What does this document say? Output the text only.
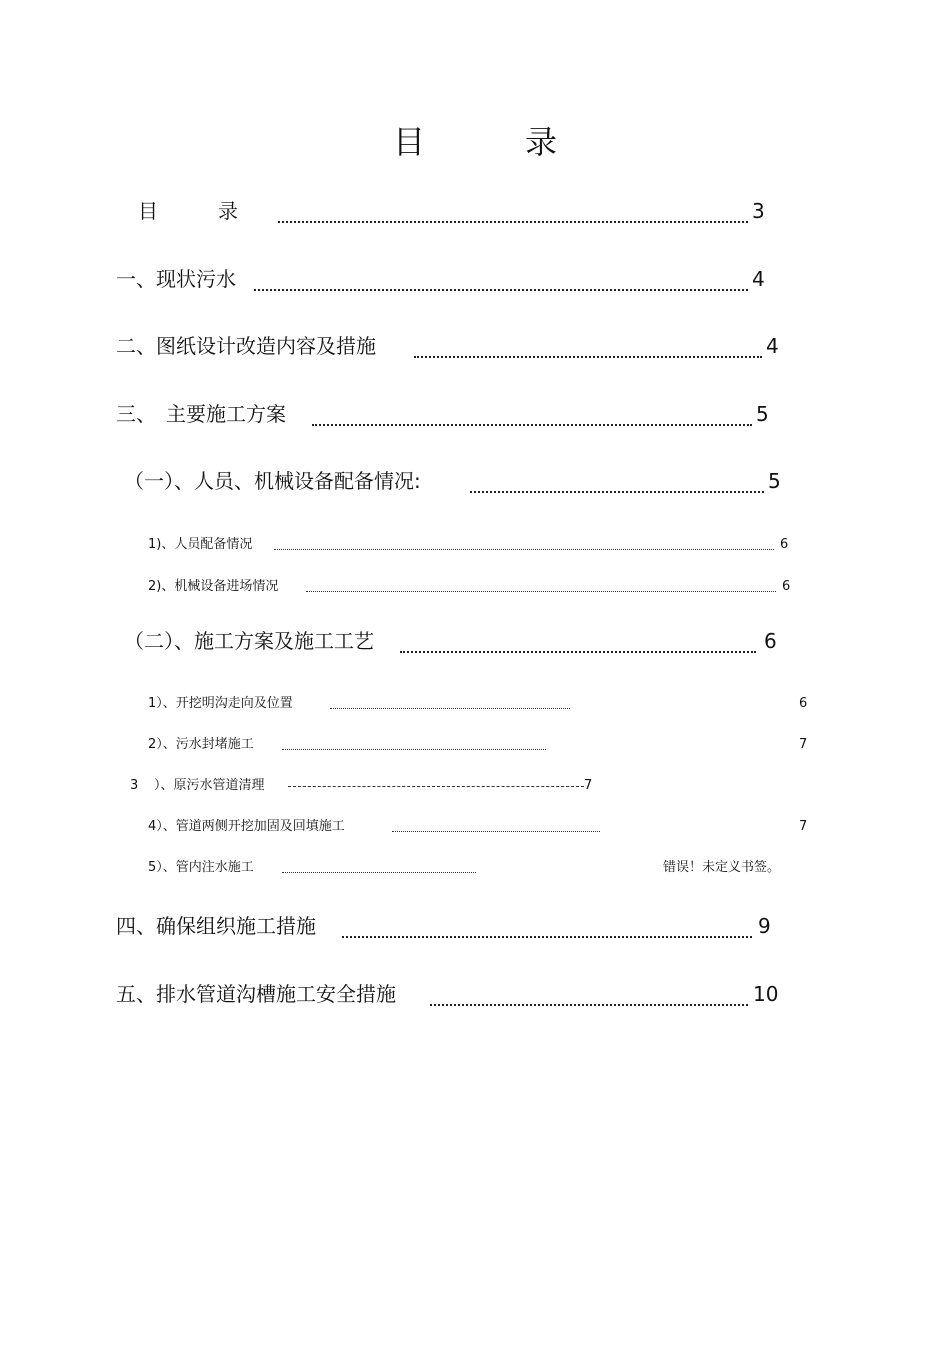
目	录
目　　　录	3
一、现状污水	4
二、图纸设计改造内容及措施	4
三、　主要施工方案	5
（一）、人员、机械设备配备情况:	5
1)、人员配备情况	6
2)、机械设备进场情况	6
（二）、施工方案及施工工艺	6
1）、开挖明沟走向及位置	6
2）、污水封堵施工	7
3 ）、原污水管道清理	7
4）、管道两侧开挖加固及回填施工	7
5）、管内注水施工	错误！未定义书签。
四、确保组织施工措施	9
五、排水管道沟槽施工安全措施	10
